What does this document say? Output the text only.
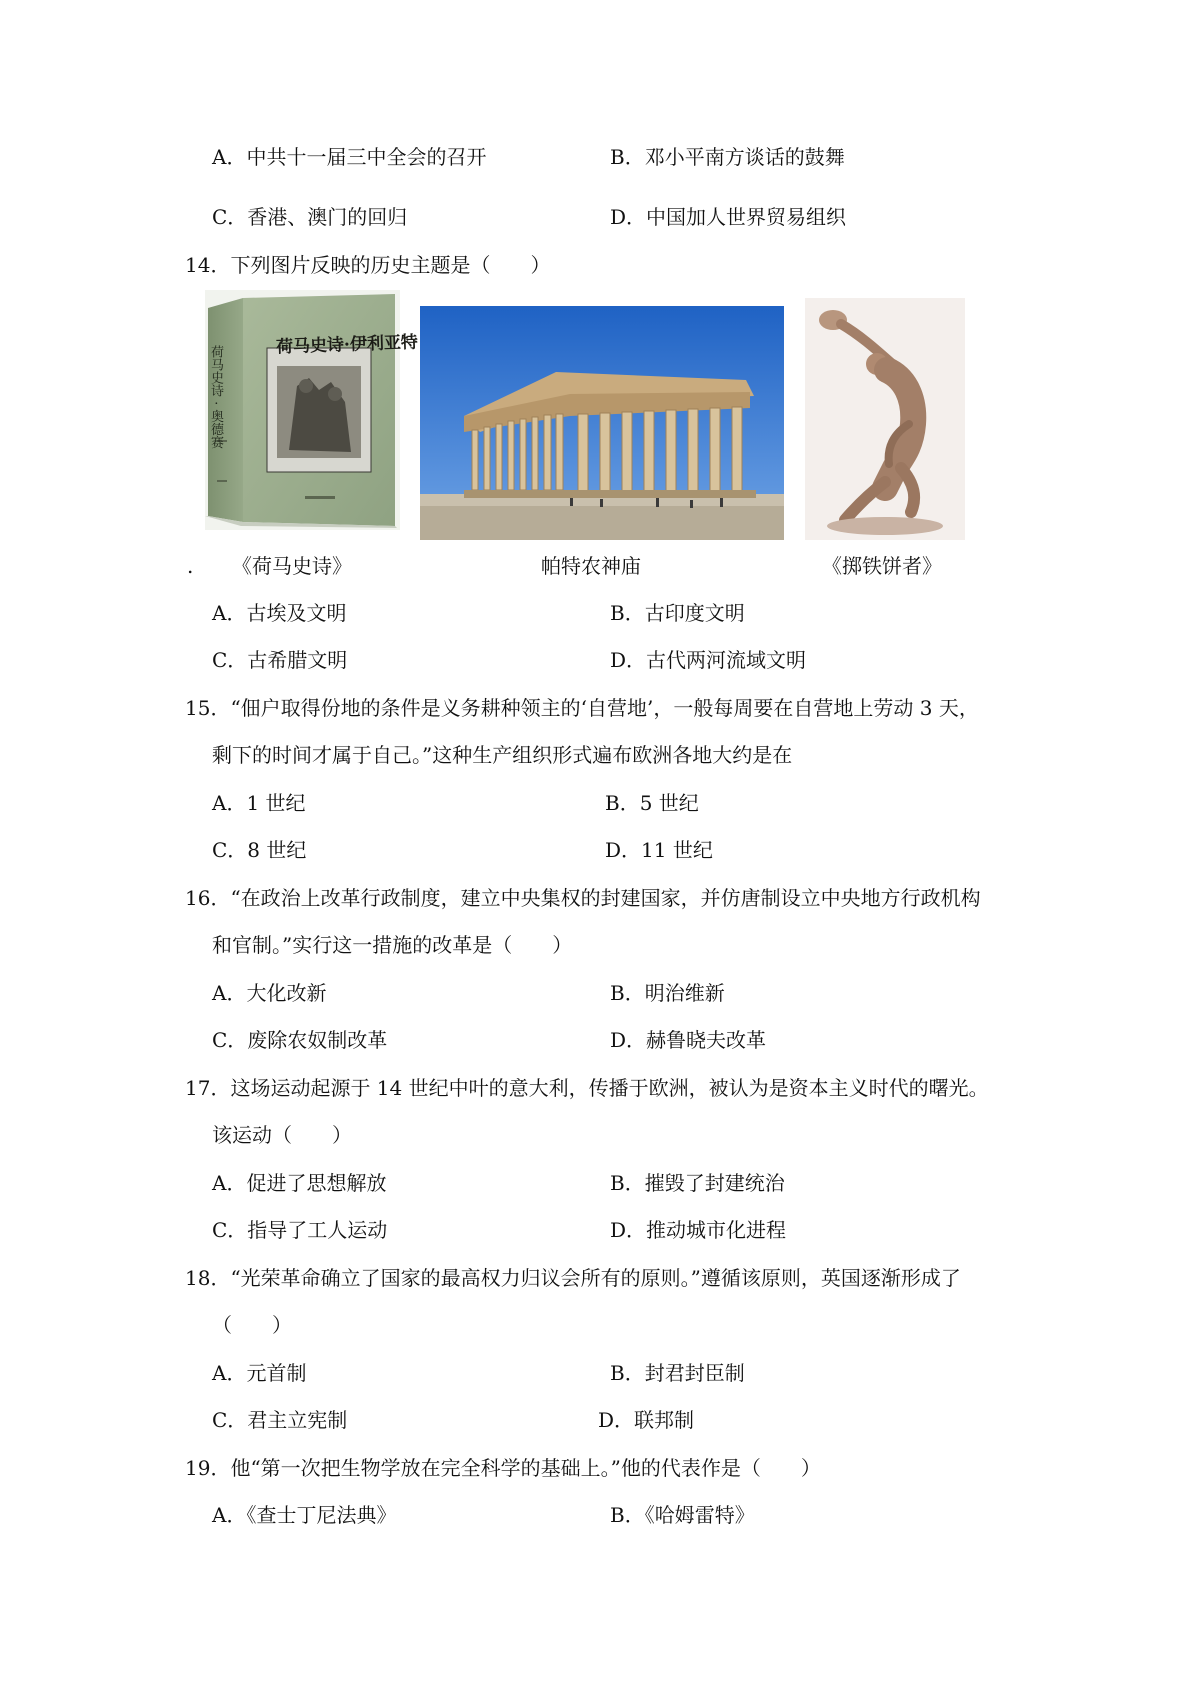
A．中共十一届三中全会的召开	B．邓小平南方谈话的鼓舞
C．香港、澳门的回归	D．中国加人世界贸易组织
14．下列图片反映的历史主题是（　　）
荷马史诗·伊利亚特
荷马史诗 · 奥德赛
. 《荷马史诗》	帕特农神庙	《掷铁饼者》
A．古埃及文明	B．古印度文明
C．古希腊文明	D．古代两河流域文明
15．“佃户取得份地的条件是义务耕种领主的‘自营地’，一般每周要在自营地上劳动 3 天，
剩下的时间才属于自己。”这种生产组织形式遍布欧洲各地大约是在
A．1 世纪	B．5 世纪
C．8 世纪	D．11 世纪
16．“在政治上改革行政制度，建立中央集权的封建国家，并仿唐制设立中央地方行政机构
和官制。”实行这一措施的改革是（　　）
A．大化改新	B．明治维新
C．废除农奴制改革	D．赫鲁晓夫改革
17．这场运动起源于 14 世纪中叶的意大利，传播于欧洲，被认为是资本主义时代的曙光。
该运动（　　）
A．促进了思想解放	B．摧毁了封建统治
C．指导了工人运动	D．推动城市化进程
18．“光荣革命确立了国家的最高权力归议会所有的原则。”遵循该原则，英国逐渐形成了
（　　）
A．元首制	B．封君封臣制
C．君主立宪制	D．联邦制
19．他“第一次把生物学放在完全科学的基础上。”他的代表作是（　　）
A．《查士丁尼法典》	B．《哈姆雷特》
